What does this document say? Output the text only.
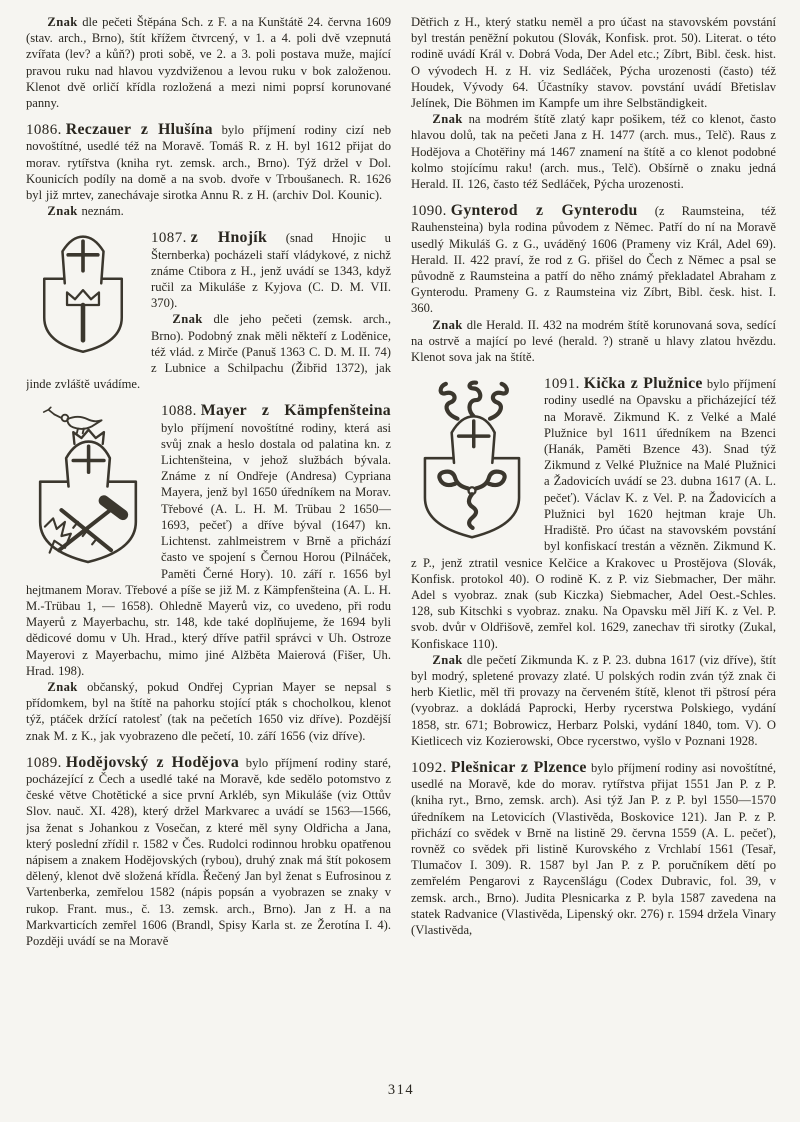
Znak dle pečeti Štěpána Sch. z F. a na Kunštátě 24. června 1609 (stav. arch., Brno), štít křížem čtvrcený, v 1. a 4. poli dvě vzepnutá zvířata (lev? a kůň?) proti sobě, ve 2. a 3. poli postava muže, mající pravou ruku nad hlavou vyzdviženou a levou ruku v bok založenou. Klenot dvě orličí křídla rozložená a mezi nimi poprsí korunované panny.

1086. Reczauer z Hlušína bylo příjmení rodiny cizí neb novoštítné, usedlé též na Moravě. Tomáš R. z H. byl 1612 přijat do morav. rytířstva (kniha ryt. zemsk. arch., Brno). Týž držel v Dol. Kounicích podíly na domě a na svob. dvoře v Trboušanech. R. 1626 byl již mrtev, zanechávaje sirotka Annu R. z H. (archiv Dol. Kounic).

Znak neznám.

1087. z Hnojík
(snad Hnojic u Šternberka) pocházeli staří vládykové, z nichž známe Ctibora z H., jenž uvádí se 1343, když ručil za Mikuláše z Kyjova (C. D. M. VII. 370).

Znak dle jeho pečeti (zemsk. arch., Brno). Podobný znak měli někteří z Loděnice, též vlád. z Mirče (Panuš 1363 C. D. M. II. 74) z Lubnice a Schilpachu (Žibřid 1372), jak jinde zvláště uvádíme.

1088. Mayer z Kämpfenšteina
bylo příjmení novoštítné rodiny, která asi svůj znak a heslo dostala od palatina kn. z Lichtenšteina, v jehož službách bývala. Známe z ní Ondřeje (Andresa) Cypriana Mayera, jenž byl 1650 úředníkem na Morav. Třebové (A. L. H. M. Trübau 2 1650—1693, pečeť) a dříve býval (1647) kn. Lichtenst. zahlmeistrem v Brně a přichází často ve spojení s Černou Horou (Pilnáček, Paměti Černé Hory). 10. září r. 1656 byl hejtmanem Morav. Třebové a píše se již M. z Kämpfenšteina (A. L. H. M.-Trübau 1, — 1658). Ohledně Mayerů viz, co uvedeno, při rodu Mayerů z Mayerbachu, str. 148, kde také doplňujeme, že 1694 byli dědicové domu v Uh. Hrad., který dříve patřil správci v Uh. Ostroze Mayerovi z Mayerbachu, mimo jiné Alžběta Maierová (Fišer, Uh. Hrad. 198).

Znak občanský, pokud Ondřej Cyprian Mayer se nepsal s přídomkem, byl na štítě na pahorku stojící pták s chocholkou, klenot týž, ptáček držící ratolesť (tak na pečetích 1650 viz dříve). Pozdější znak M. z K., jak vyobrazeno dle pečetí, 10. září 1656 (viz dříve).

1089. Hodějovský z Hodějova bylo příjmení rodiny staré, pocházející z Čech a usedlé také na Moravě, kde sedělo potomstvo z české větve Chotětické a sice první Arkléb, syn Mikuláše (viz Ottův Slov. nauč. XI. 428), který držel Markvarec a uvádí se 1563—1566, jsa ženat s Johankou z Vosečan, z které měl syny Oldřicha a Jana, který poslední zřídil r. 1582 v Čes. Rudolci rodinnou hrobku opatřenou nápisem a znakem Hodějovských (rybou), druhý znak má štít pokosem dělený, klenot dvě složená křídla. Řečený Jan byl ženat s Eufrosinou z Vartenberka, zemřelou 1582 (nápis popsán a vyobrazen se znaky v rukop. Frant. mus., č. 13. zemsk. arch., Brno). Jan z H. a na Markvarticích zemřel 1606 (Brandl, Spisy Karla st. ze Žerotína I. 4). Později uvádí se na Moravě

Dětřich z H., který statku neměl a pro účast na stavovském povstání byl trestán peněžní pokutou (Slovák, Konfisk. prot. 50). Literat. o této rodině uvádí Král v. Dobrá Voda, Der Adel etc.; Zíbrt, Bibl. česk. hist. O vývodech H. z H. viz Sedláček, Pýcha urozenosti (často) též Houdek, Vývody 64. Účastníky stavov. povstání uvádí Břetislav Jelínek, Die Böhmen im Kampfe um ihre Selbständigkeit.

Znak na modrém štítě zlatý kapr pošikem, též co klenot, často hlavou dolů, tak na pečeti Jana z H. 1477 (arch. mus., Telč). Raus z Hodějova a Chotěřiny má 1467 znamení na štítě a co klenot podobné kolmo stojícímu raku! (arch. mus., Telč). Obšírně o znaku jedná Herald. II. 126, často též Sedláček, Pýcha urozenosti.

1090. Gynterod z Gynterodu (z Raumsteina, též Rauhensteina) byla rodina původem z Němec. Patří do ní na Moravě usedlý Mikuláš G. z G., uváděný 1606 (Prameny viz Král, Adel 69). Herald. II. 422 praví, že rod z G. přišel do Čech z Němec a psal se původně z Raumsteina a patří do něho známý překladatel Abraham z Gynterodu. Prameny G. z Raumsteina viz Zíbrt, Bibl. česk. hist. I. 360.

Znak dle Herald. II. 432 na modrém štítě korunovaná sova, sedící na ostrvě a mající po levé (herald. ?) straně u hlavy zlatou hvězdu. Klenot sova jak na štítě.

1091. Kička z Plužnice
bylo příjmení rodiny usedlé na Opavsku a přicházející též na Moravě. Zikmund K. z Velké a Malé Plužnice byl 1611 úředníkem na Bzenci (Hanák, Paměti Bzence 43). Snad týž Zikmund z Velké Plužnice na Malé Plužnici a Žadovicích uvádí se 23. dubna 1617 (A. L. pečeť). Václav K. z Vel. P. na Žadovicích a Plužnici byl 1620 hejtman kraje Uh. Hradiště. Pro účast na stavovském povstání byl konfiskací trestán a vězněn. Zikmund K. z P., jenž ztratil vesnice Kelčice a Krakovec u Prostějova (Slovák, Konfisk. protokol 40). O rodině K. z P. viz Siebmacher, Der mähr. Adel s vyobraz. znak (sub Kiczka) Siebmacher, Adel Oest.-Schles. 128, sub Kitschki s vyobraz. znaku. Na Opavsku měl Jiří K. z Vel. P. svob. dvůr v Oldřišově, zemřel kol. 1629, zanechav tři sirotky (Zukal, Konfiskace 110).

Znak dle pečetí Zikmunda K. z P. 23. dubna 1617 (viz dříve), štít byl modrý, spletené provazy zlaté. U polských rodin zván týž znak či herb Kietlic, měl tři provazy na červeném štítě, klenot tři pštrosí péra (vyobraz. a dokládá Paprocki, Herby rycerstwa Polskiego, vydání 1858, str. 671; Bobrowicz, Herbarz Polski, vydání 1840, tom. V). O Kietlicech viz Kozierowski, Obce rycerstwo, vyšlo v Poznani 1928.

1092. Plešnicar z Plzence bylo příjmení rodiny asi novoštítné, usedlé na Moravě, kde do morav. rytířstva přijat 1551 Jan P. z P. (kniha ryt., Brno, zemsk. arch). Asi týž Jan P. z P. byl 1550—1570 úředníkem na Letovicích (Vlastivěda, Boskovice 121). Jan P. z P. přichází co svědek v Brně na listině 29. června 1559 (A. L. pečeť), rovněž co svědek při listině Kurovského z Vrchlabí 1561 (Tesař, Tlumačov I. 309). R. 1587 byl Jan P. z P. poručníkem dětí po zemřelém Pengarovi z Raycenšlágu (Codex Dubravic, fol. 39, v zemsk. arch., Brno). Judita Plesnicarka z P. byla 1587 zavedena na statek Radvanice (Vlastivěda, Lipenský okr. 276) r. 1594 držela Vinary (Vlastivěda,

314
